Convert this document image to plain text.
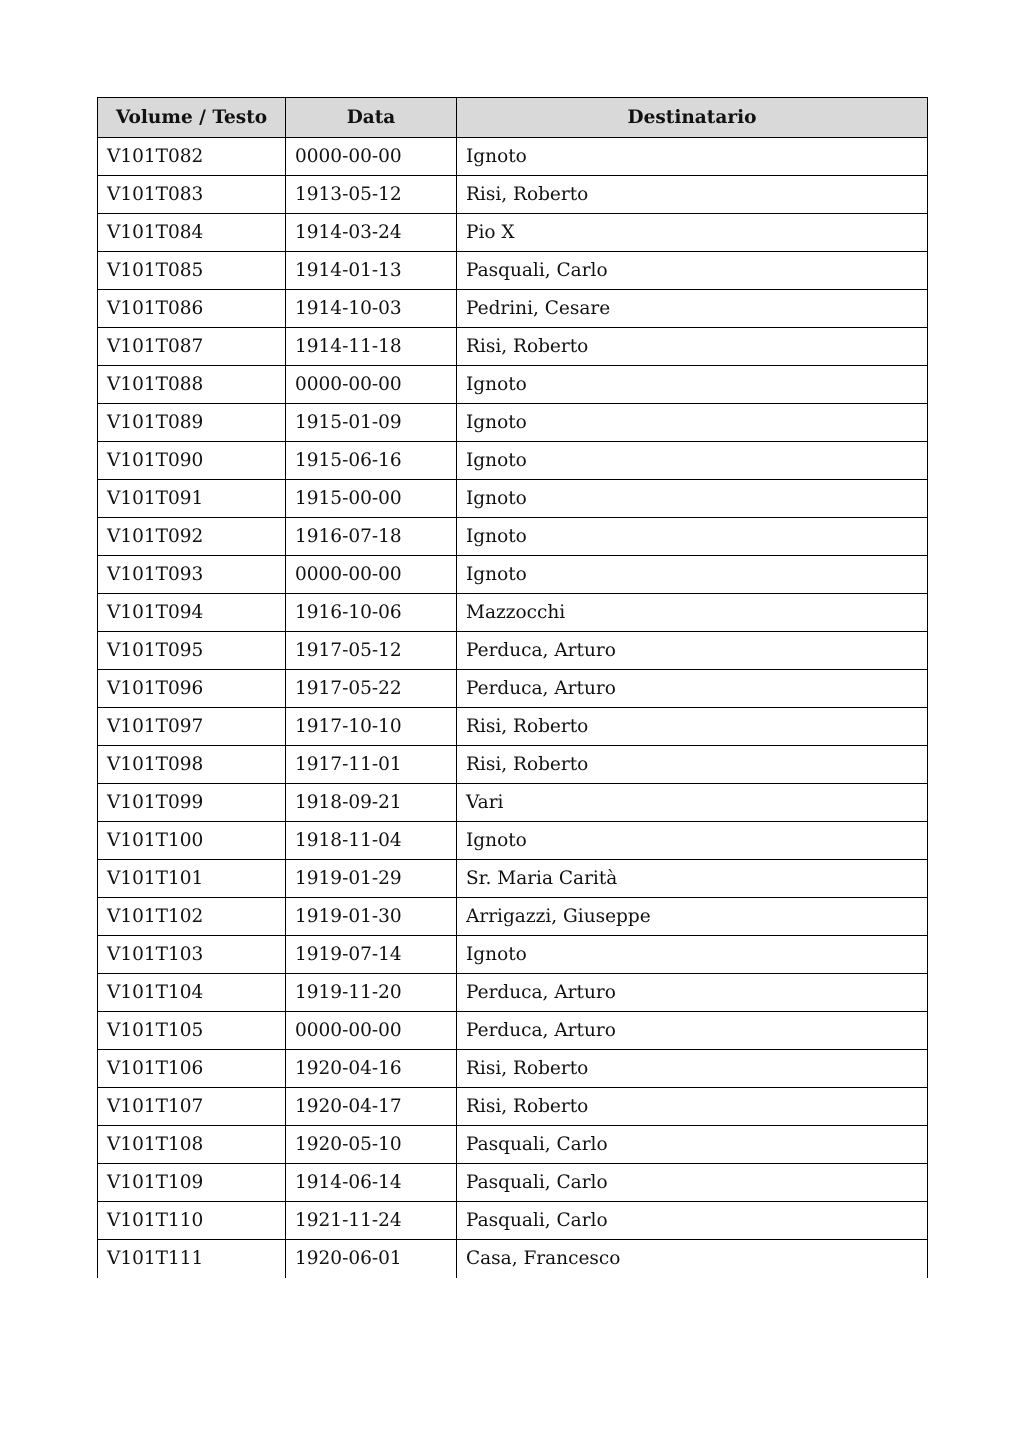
Volume / Testo	Data	Destinatario
V101T082	0000-00-00	Ignoto
V101T083	1913-05-12	Risi, Roberto
V101T084	1914-03-24	Pio X
V101T085	1914-01-13	Pasquali, Carlo
V101T086	1914-10-03	Pedrini, Cesare
V101T087	1914-11-18	Risi, Roberto
V101T088	0000-00-00	Ignoto
V101T089	1915-01-09	Ignoto
V101T090	1915-06-16	Ignoto
V101T091	1915-00-00	Ignoto
V101T092	1916-07-18	Ignoto
V101T093	0000-00-00	Ignoto
V101T094	1916-10-06	Mazzocchi
V101T095	1917-05-12	Perduca, Arturo
V101T096	1917-05-22	Perduca, Arturo
V101T097	1917-10-10	Risi, Roberto
V101T098	1917-11-01	Risi, Roberto
V101T099	1918-09-21	Vari
V101T100	1918-11-04	Ignoto
V101T101	1919-01-29	Sr. Maria Carità
V101T102	1919-01-30	Arrigazzi, Giuseppe
V101T103	1919-07-14	Ignoto
V101T104	1919-11-20	Perduca, Arturo
V101T105	0000-00-00	Perduca, Arturo
V101T106	1920-04-16	Risi, Roberto
V101T107	1920-04-17	Risi, Roberto
V101T108	1920-05-10	Pasquali, Carlo
V101T109	1914-06-14	Pasquali, Carlo
V101T110	1921-11-24	Pasquali, Carlo
V101T111	1920-06-01	Casa, Francesco
